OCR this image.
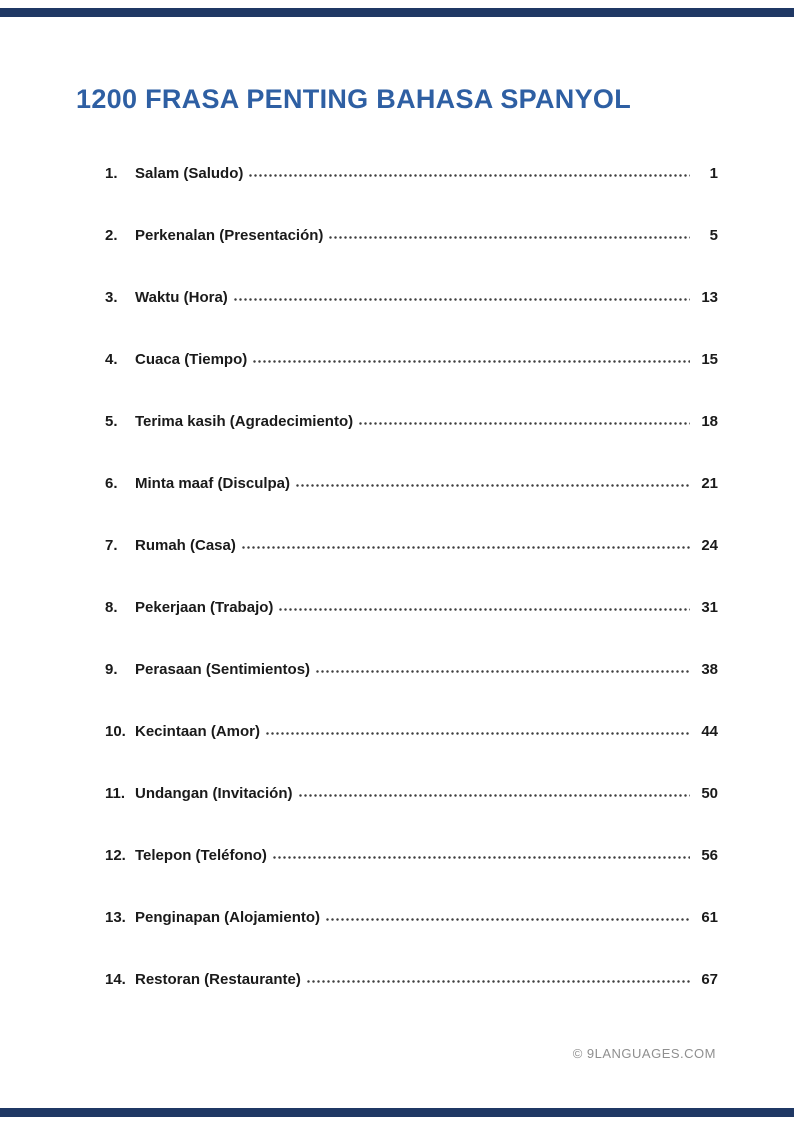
1200 FRASA PENTING BAHASA SPANYOL
1.	Salam (Saludo)	1
2.	Perkenalan (Presentación)	5
3.	Waktu (Hora)	13
4.	Cuaca (Tiempo)	15
5.	Terima kasih (Agradecimiento)	18
6.	Minta maaf (Disculpa)	21
7.	Rumah (Casa)	24
8.	Pekerjaan (Trabajo)	31
9.	Perasaan (Sentimientos)	38
10. Kecintaan (Amor)	44
11. Undangan (Invitación)	50
12. Telepon (Teléfono)	56
13. Penginapan (Alojamiento)	61
14. Restoran (Restaurante)	67
© 9LANGUAGES.COM
